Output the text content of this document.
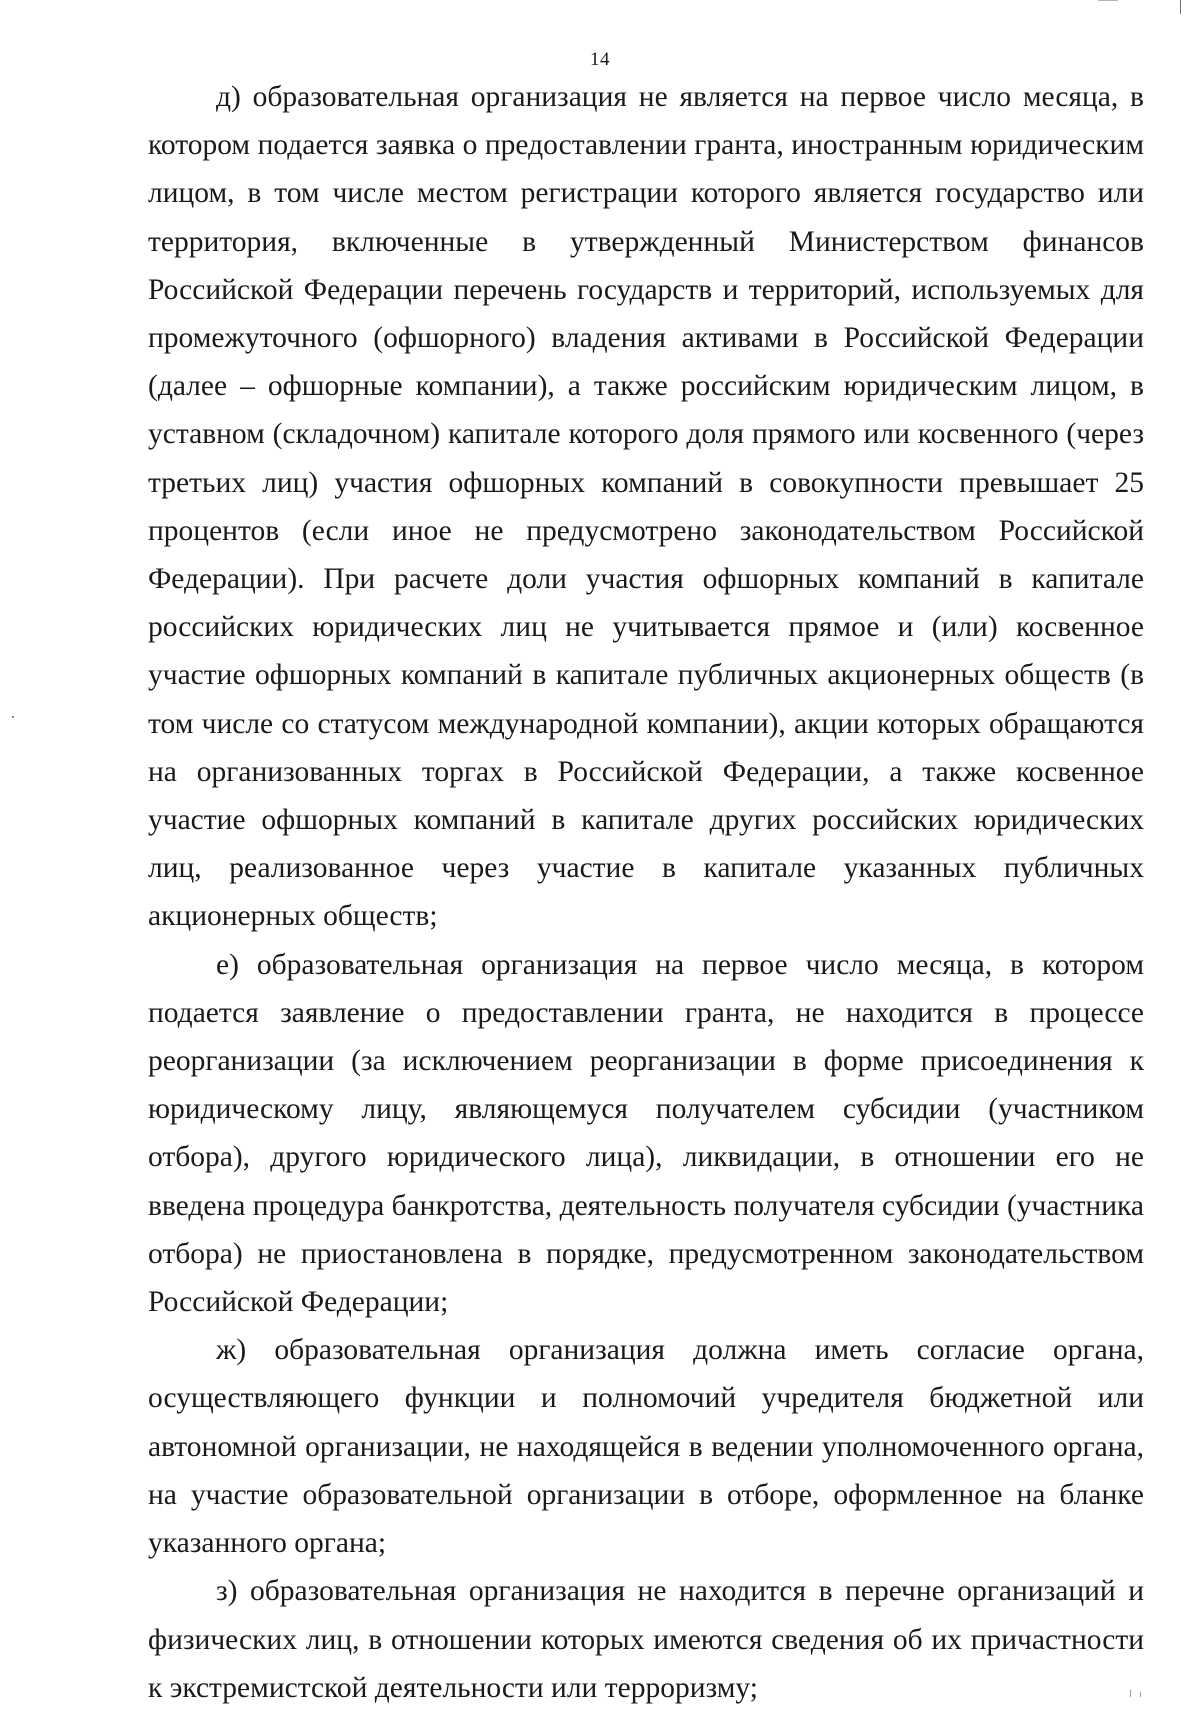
14

д) образовательная организация не является на первое число месяца, в котором подается заявка о предоставлении гранта, иностранным юридическим лицом, в том числе местом регистрации которого является государство или территория, включенные в утвержденный Министерством финансов Российской Федерации перечень государств и территорий, используемых для промежуточного (офшорного) владения активами в Российской Федерации (далее – офшорные компании), а также российским юридическим лицом, в уставном (складочном) капитале которого доля прямого или косвенного (через третьих лиц) участия офшорных компаний в совокупности превышает 25 процентов (если иное не предусмотрено законодательством Российской Федерации). При расчете доли участия офшорных компаний в капитале российских юридических лиц не учитывается прямое и (или) косвенное участие офшорных компаний в капитале публичных акционерных обществ (в том числе со статусом международной компании), акции которых обращаются на организованных торгах в Российской Федерации, а также косвенное участие офшорных компаний в капитале других российских юридических лиц, реализованное через участие в капитале указанных публичных акционерных обществ;

е) образовательная организация на первое число месяца, в котором подается заявление о предоставлении гранта, не находится в процессе реорганизации (за исключением реорганизации в форме присоединения к юридическому лицу, являющемуся получателем субсидии (участником отбора), другого юридического лица), ликвидации, в отношении его не введена процедура банкротства, деятельность получателя субсидии (участника отбора) не приостановлена в порядке, предусмотренном законодательством Российской Федерации;

ж) образовательная организация должна иметь согласие органа, осуществляющего функции и полномочий учредителя бюджетной или автономной организации, не находящейся в ведении уполномоченного органа, на участие образовательной организации в отборе, оформленное на бланке указанного органа;

з) образовательная организация не находится в перечне организаций и физических лиц, в отношении которых имеются сведения об их причастности к экстремистской деятельности или терроризму;
